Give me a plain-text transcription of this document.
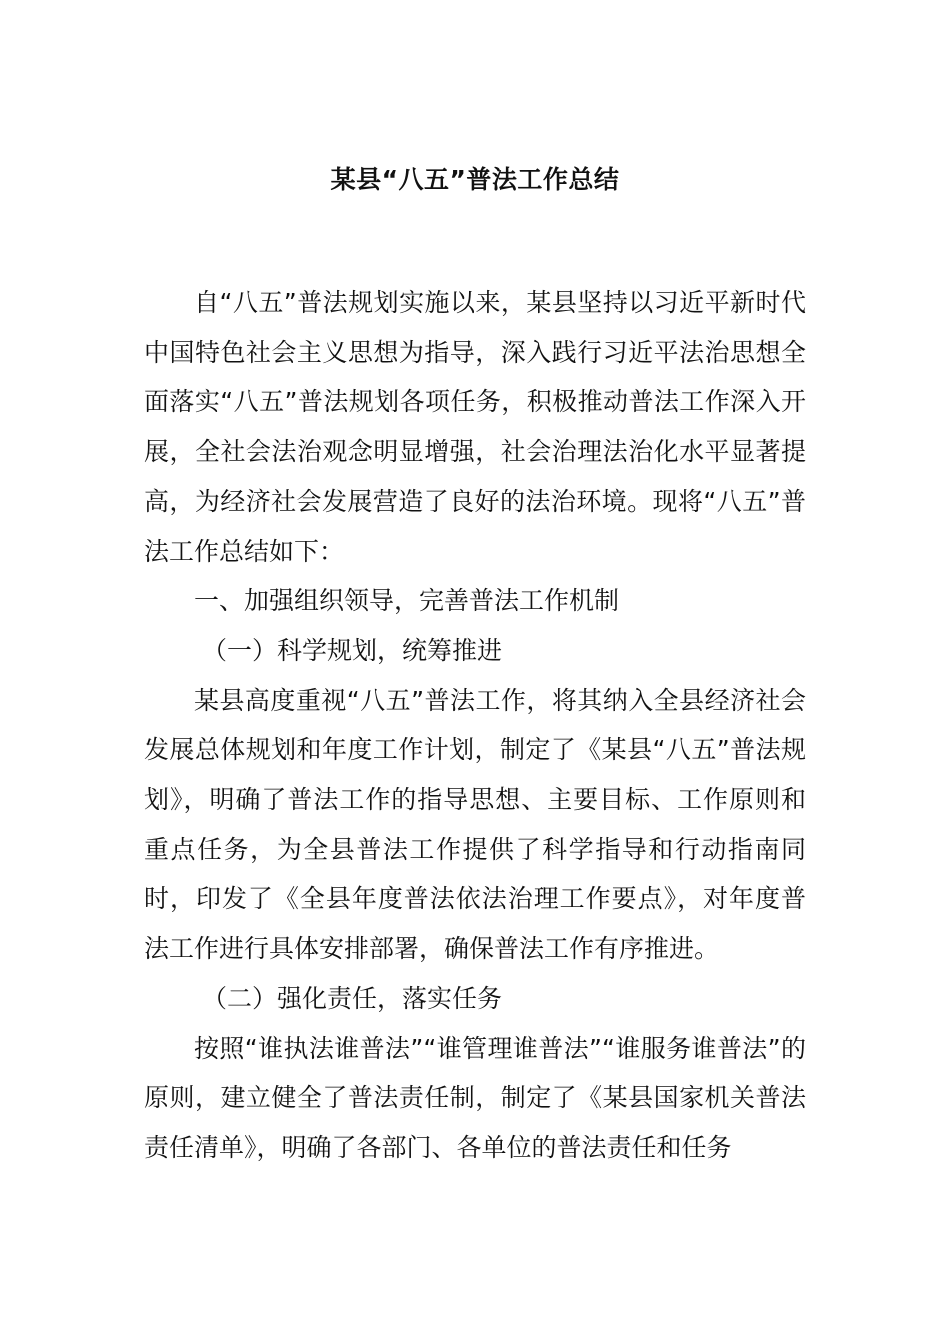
某县“八五”普法工作总结

自“八五”普法规划实施以来，某县坚持以习近平新时代中国特色社会主义思想为指导，深入践行习近平法治思想全面落实“八五”普法规划各项任务，积极推动普法工作深入开展，全社会法治观念明显增强，社会治理法治化水平显著提高，为经济社会发展营造了良好的法治环境。现将“八五”普法工作总结如下：

一、加强组织领导，完善普法工作机制

（一）科学规划，统筹推进

某县高度重视“八五”普法工作，将其纳入全县经济社会发展总体规划和年度工作计划，制定了《某县“八五”普法规划》，明确了普法工作的指导思想、主要目标、工作原则和重点任务，为全县普法工作提供了科学指导和行动指南同时，印发了《全县年度普法依法治理工作要点》，对年度普法工作进行具体安排部署，确保普法工作有序推进。

（二）强化责任，落实任务

按照“谁执法谁普法”“谁管理谁普法”“谁服务谁普法”的原则，建立健全了普法责任制，制定了《某县国家机关普法责任清单》，明确了各部门、各单位的普法责任和任务
